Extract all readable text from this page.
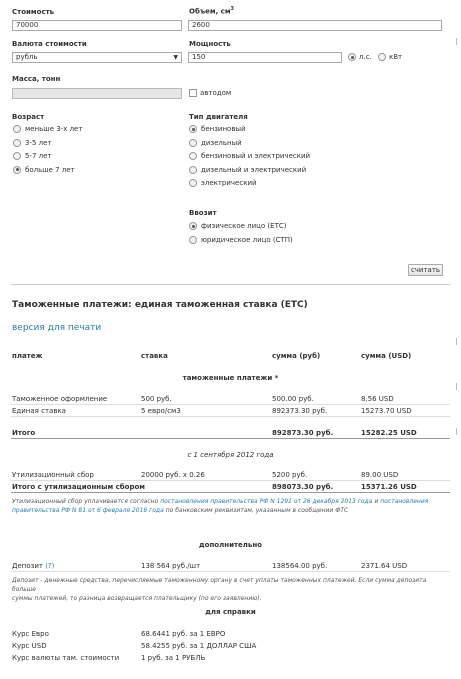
Стоимость
70000
Объем, $см^3$
2600
Валюта стоимости
рубль	▼
Мощность
150	л.с. кВт
Масса, тонн
автодом
Возраст
меньше 3-х лет
3-5 лет
5-7 лет
больше 7 лет
Тип двигателя
бензиновый
дизельный
бензиновый и электрический
дизельный и электрический
электрический
Ввозит
физическое лицо (ЕТС)
юридическое лицо (СТП)
считать
Таможенные платежи: единая таможенная ставка (ЕТС)
версия для печати
платеж	ставка	сумма (руб)	сумма (USD)
таможенные платежи *
Таможенное оформление	500 руб.	500.00 руб.	8.56 USD
Единая ставка	5 евро/см3	892373.30 руб.	15273.70 USD
Итого	892873.30 руб.	15282.25 USD
с 1 сентября 2012 года
Утилизационный сбор	20000 руб. x 0.26	5200 руб.	89.00 USD
Итого с утилизационным сбором	898073.30 руб.	15371.26 USD
Утилизационный сбор уплачивается согласно постановления правительства РФ N 1291 от 26 декабря 2013 года и постановления правительства РФ N 81 от 6 февраля 2016 года по банковским реквизитам, указанным в сообщении ФТС
дополнительно
Депозит (?)	138 564 руб./шт	138564.00 руб.	2371.64 USD
Депозит - денежные средства, перечисляемые таможенному органу в счет уплаты таможенных платежей. Если сумма депозита больше
суммы платежей, то разница возвращается плательщику (по его заявлению).
для справки
Курс Евро	68.6441 руб. за 1 ЕВРО
Курс USD	58.4255 руб. за 1 ДОЛЛАР США
Курс валюты там. стоимости	1 руб. за 1 РУБЛЬ
